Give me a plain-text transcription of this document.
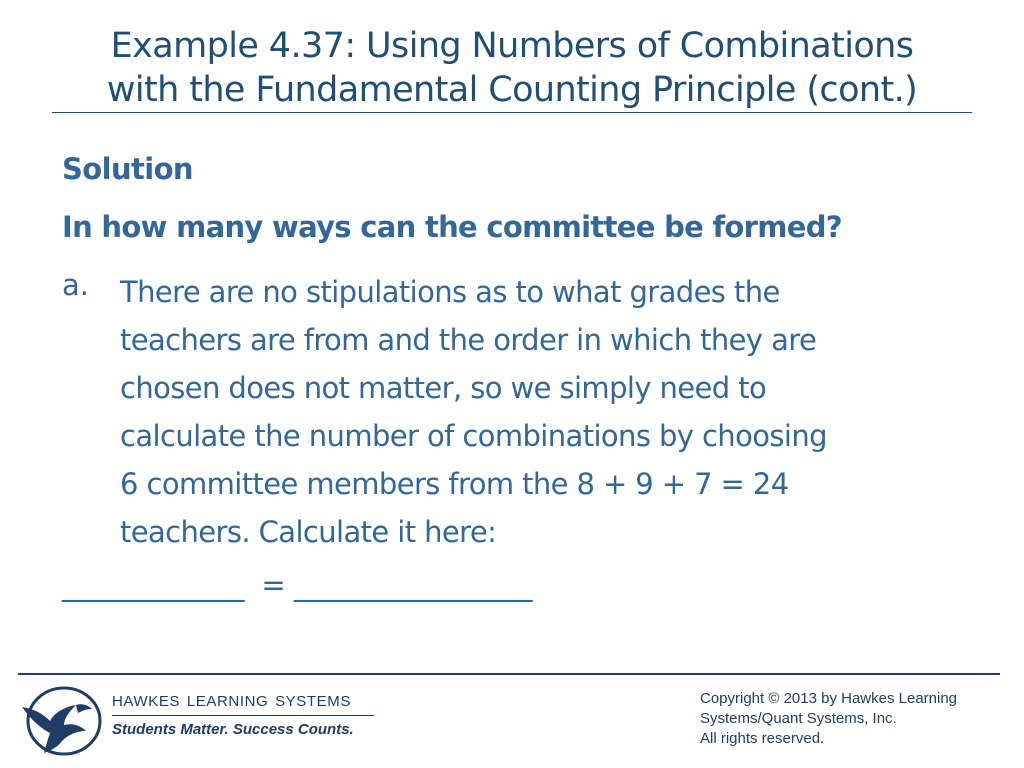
Example 4.37: Using Numbers of Combinations
with the Fundamental Counting Principle (cont.)
Solution
In how many ways can the committee be formed?
a. There are no stipulations as to what grades the
teachers are from and the order in which they are
chosen does not matter, so we simply need to
calculate the number of combinations by choosing
6 committee members from the 8 + 9 + 7 = 24
teachers. Calculate it here:
_____________  = _________________
HAWKES LEARNING SYSTEMS
Students Matter. Success Counts.
Copyright © 2013 by Hawkes Learning
Systems/Quant Systems, Inc.
All rights reserved.
